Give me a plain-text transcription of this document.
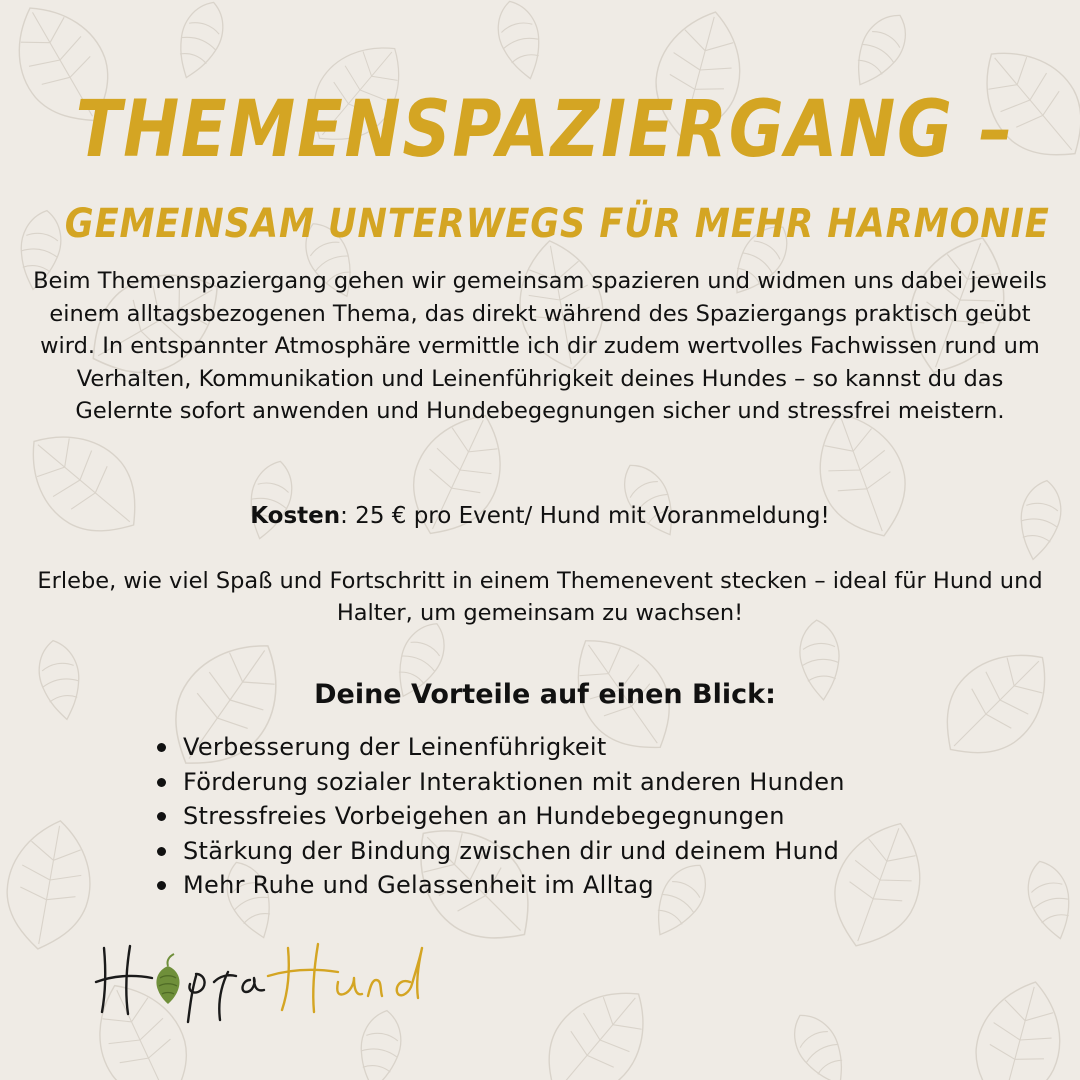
THEMENSPAZIERGANG –
GEMEINSAM UNTERWEGS FÜR MEHR HARMONIE

Beim Themenspaziergang gehen wir gemeinsam spazieren und widmen uns dabei jeweils einem alltagsbezogenen Thema, das direkt während des Spaziergangs praktisch geübt wird. In entspannter Atmosphäre vermittle ich dir zudem wertvolles Fachwissen rund um Verhalten, Kommunikation und Leinenführigkeit deines Hundes – so kannst du das Gelernte sofort anwenden und Hundebegegnungen sicher und stressfrei meistern.

Kosten: 25 € pro Event/ Hund mit Voranmeldung!

Erlebe, wie viel Spaß und Fortschritt in einem Themenevent stecken – ideal für Hund und Halter, um gemeinsam zu wachsen!

Deine Vorteile auf einen Blick:
Verbesserung der Leinenführigkeit
Förderung sozialer Interaktionen mit anderen Hunden
Stressfreies Vorbeigehen an Hundebegegnungen
Stärkung der Bindung zwischen dir und deinem Hund
Mehr Ruhe und Gelassenheit im Alltag
